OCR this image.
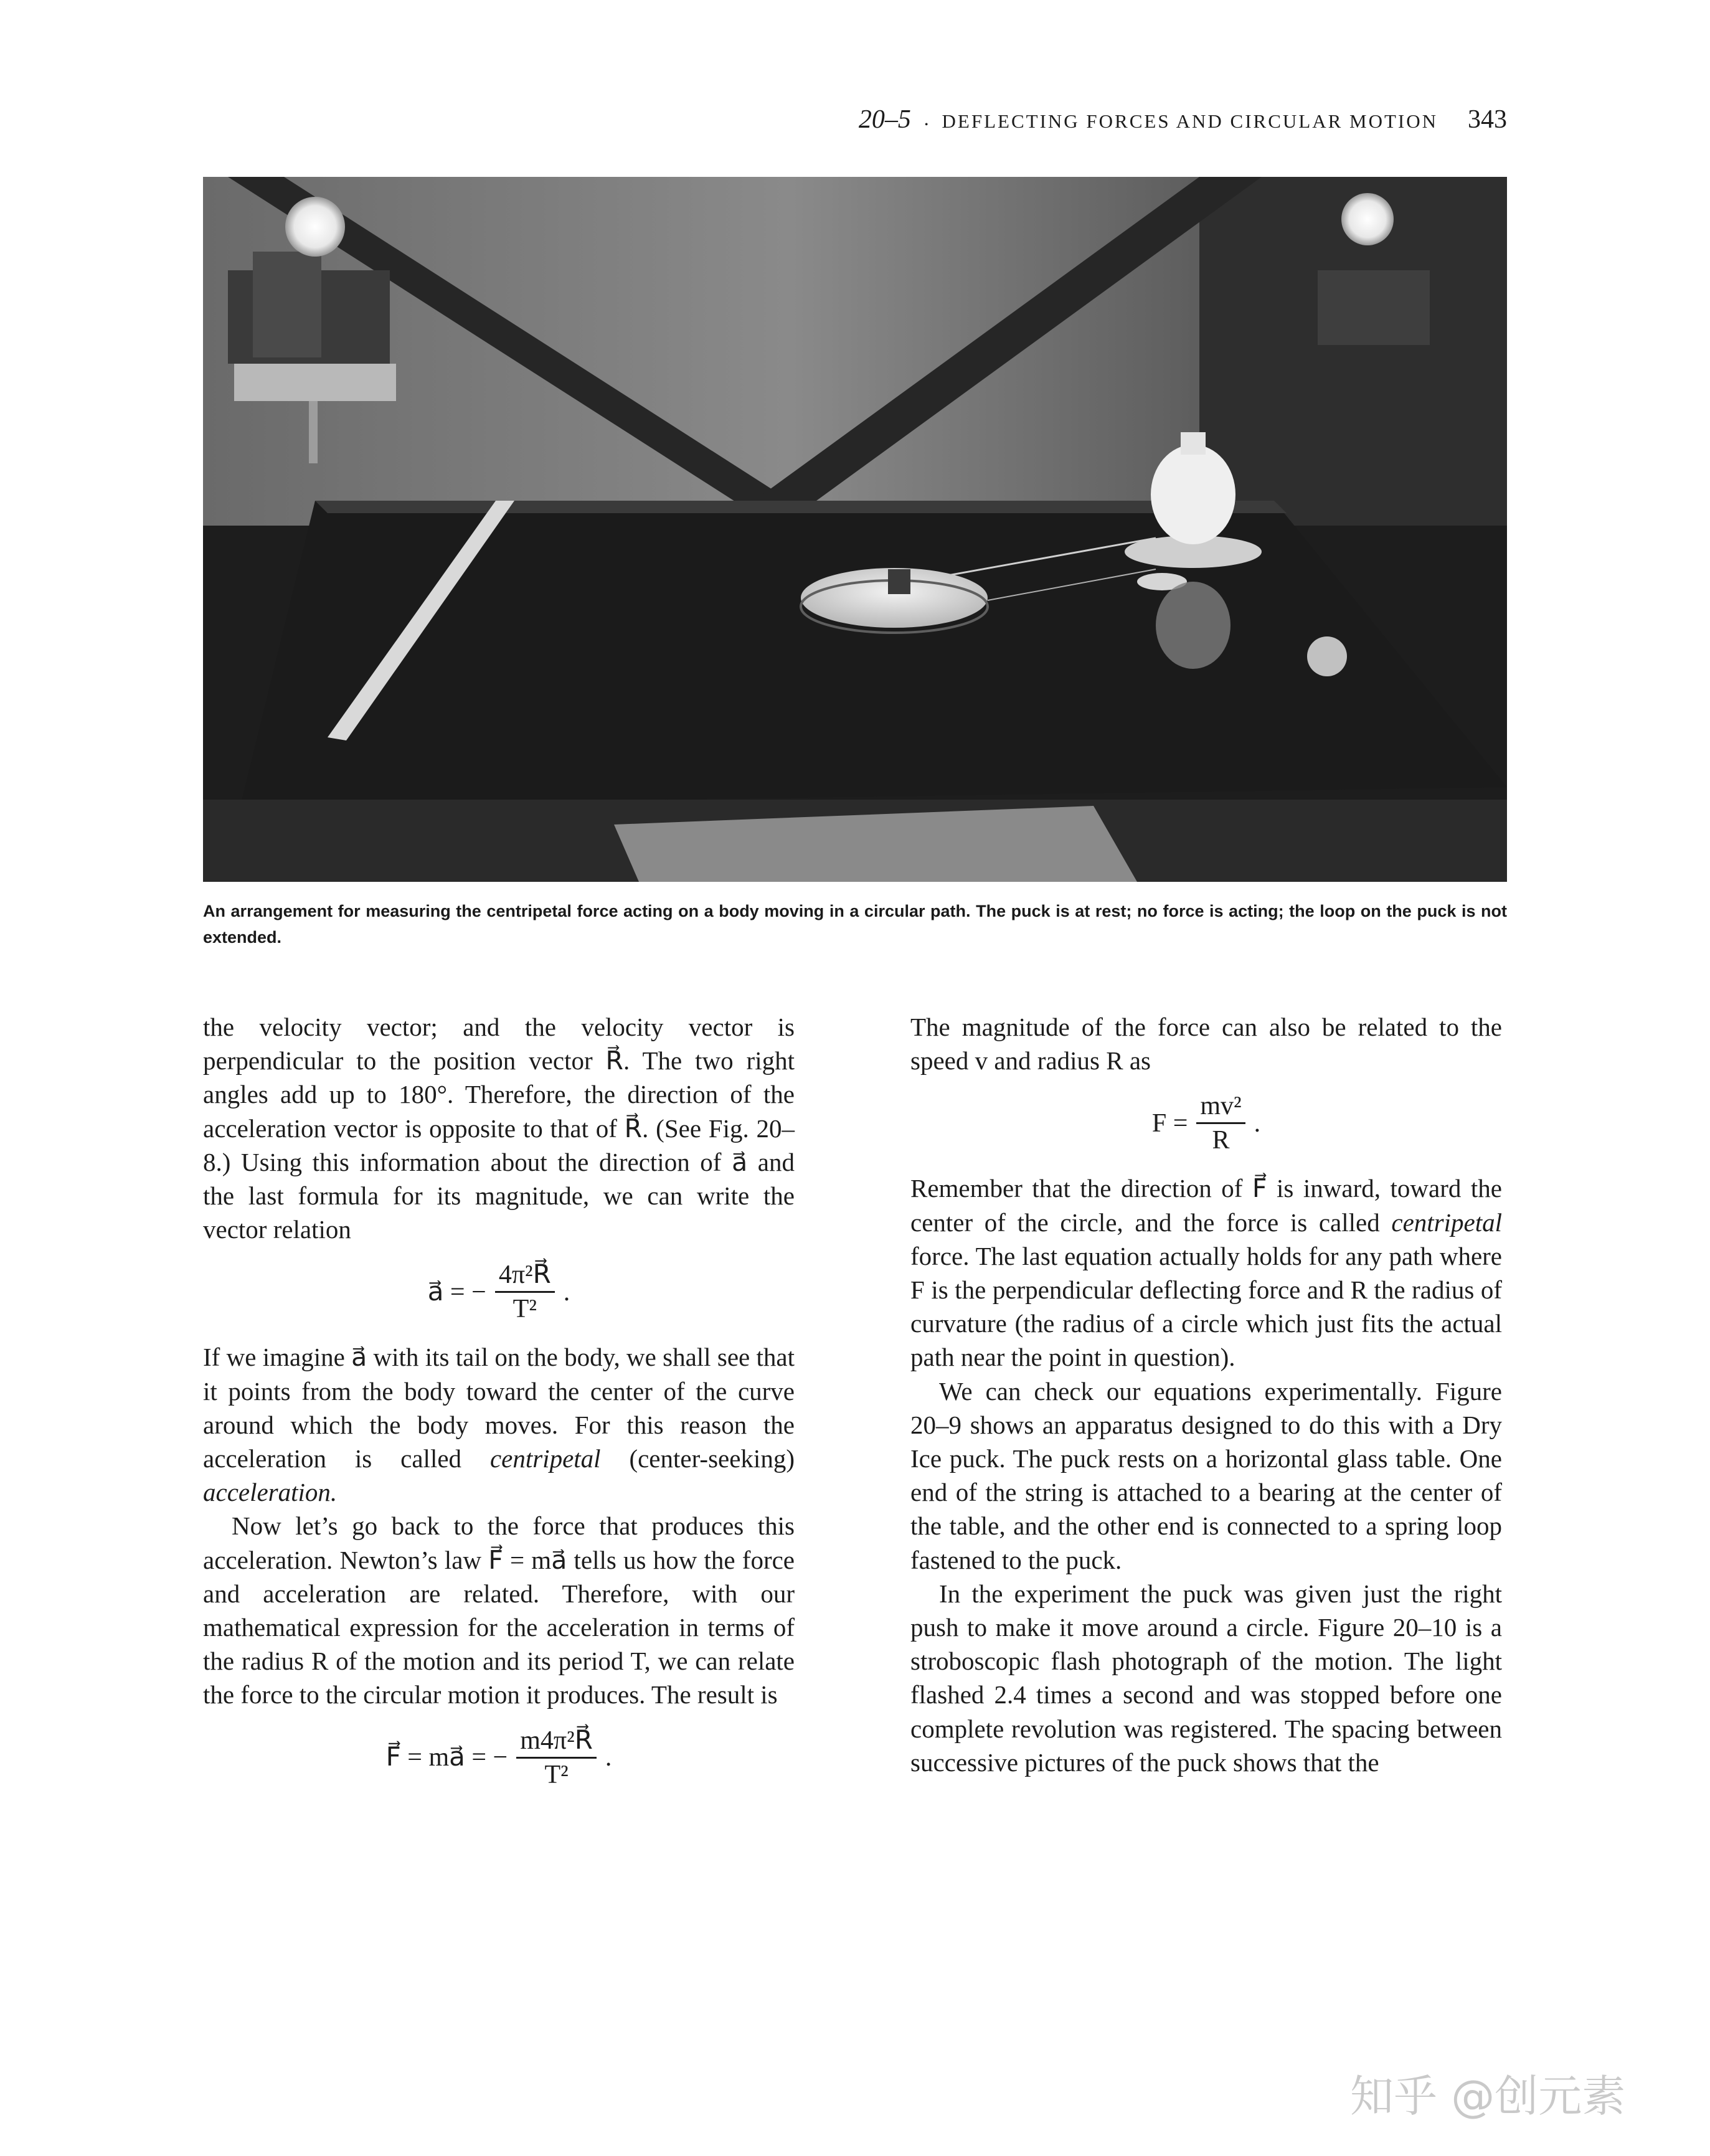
20–5 • DEFLECTING FORCES AND CIRCULAR MOTION 343
An arrangement for measuring the centripetal force acting on a body moving in a circular path. The puck is at rest; no force is acting; the loop on the puck is not extended.

the velocity vector; and the velocity vector is perpendicular to the position vector R⃗. The two right angles add up to 180°. Therefore, the direction of the acceleration vector is opposite to that of R⃗. (See Fig. 20–8.) Using this information about the direction of a⃗ and the last formula for its magnitude, we can write the vector relation

a⃗ = − $\frac{\text{4π²R⃗}}{\text{T²}}$ .

If we imagine a⃗ with its tail on the body, we shall see that it points from the body toward the center of the curve around which the body moves. For this reason the acceleration is called centripetal (center-seeking) acceleration.

Now let’s go back to the force that produces this acceleration. Newton’s law F⃗ = ma⃗ tells us how the force and acceleration are related. Therefore, with our mathematical expression for the acceleration in terms of the radius R of the motion and its period T, we can relate the force to the circular motion it produces. The result is

F⃗ = ma⃗ = − $\frac{\text{m4π²R⃗}}{\text{T²}}$ .

The magnitude of the force can also be related to the speed v and radius R as

$F = \frac{\text{mv²}}{R}$ .

Remember that the direction of F⃗ is inward, toward the center of the circle, and the force is called centripetal force. The last equation actually holds for any path where F is the perpendicular deflecting force and R the radius of curvature (the radius of a circle which just fits the actual path near the point in question).

We can check our equations experimentally. Figure 20–9 shows an apparatus designed to do this with a Dry Ice puck. The puck rests on a horizontal glass table. One end of the string is attached to a bearing at the center of the table, and the other end is connected to a spring loop fastened to the puck.

In the experiment the puck was given just the right push to make it move around a circle. Figure 20–10 is a stroboscopic flash photograph of the motion. The light flashed 2.4 times a second and was stopped before one complete revolution was registered. The spacing between successive pictures of the puck shows that the

知乎 @创元素
